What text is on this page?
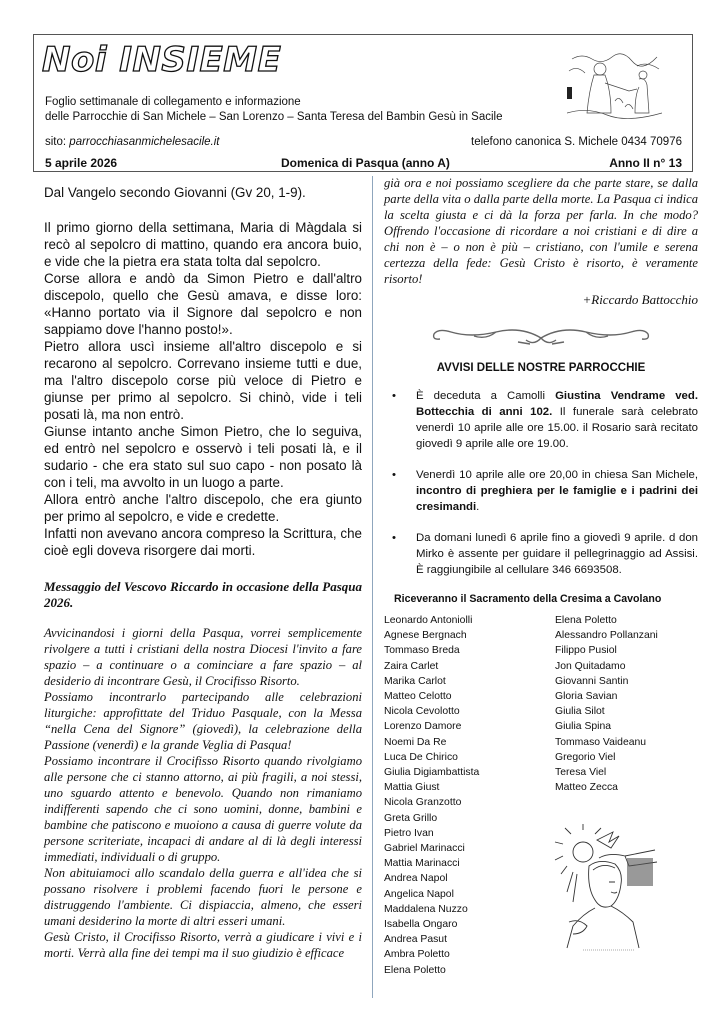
Noi INSIEME
Foglio settimanale di collegamento e informazione
delle Parrocchie di San Michele – San Lorenzo – Santa Teresa del Bambin Gesù in Sacile
sito: parrocchiasanmichelesacile.it	telefono canonica S. Michele 0434 70976
5 aprile 2026	Domenica di Pasqua (anno A)	Anno II n° 13
Dal Vangelo secondo Giovanni (Gv 20, 1-9).

Il primo giorno della settimana, Maria di Màgdala si recò al sepolcro di mattino, quando era ancora buio, e vide che la pietra era stata tolta dal sepolcro.

Corse allora e andò da Simon Pietro e dall'altro discepolo, quello che Gesù amava, e disse loro: «Hanno portato via il Signore dal sepolcro e non sappiamo dove l'hanno posto!».

Pietro allora uscì insieme all'altro discepolo e si recarono al sepolcro. Correvano insieme tutti e due, ma l'altro discepolo corse più veloce di Pietro e giunse per primo al sepolcro. Si chinò, vide i teli posati là, ma non entrò.

Giunse intanto anche Simon Pietro, che lo seguiva, ed entrò nel sepolcro e osservò i teli posati là, e il sudario - che era stato sul suo capo - non posato là con i teli, ma avvolto in un luogo a parte.

Allora entrò anche l'altro discepolo, che era giunto per primo al sepolcro, e vide e credette.

Infatti non avevano ancora compreso la Scrittura, che cioè egli doveva risorgere dai morti.

Messaggio del Vescovo Riccardo in occasione della Pasqua 2026.

Avvicinandosi i giorni della Pasqua, vorrei semplicemente rivolgere a tutti i cristiani della nostra Diocesi l'invito a fare spazio – a continuare o a cominciare a fare spazio – al desiderio di incontrare Gesù, il Crocifisso Risorto.

Possiamo incontrarlo partecipando alle celebrazioni liturgiche: approfittate del Triduo Pasquale, con la Messa “nella Cena del Signore” (giovedì), la celebrazione della Passione (venerdì) e la grande Veglia di Pasqua!

Possiamo incontrare il Crocifisso Risorto quando rivolgiamo alle persone che ci stanno attorno, ai più fragili, a noi stessi, uno sguardo attento e benevolo. Quando non rimaniamo indifferenti sapendo che ci sono uomini, donne, bambini e bambine che patiscono e muoiono a causa di guerre volute da persone scriteriate, incapaci di andare al di là degli interessi immediati, individuali o di gruppo.

Non abituiamoci allo scandalo della guerra e all'idea che si possano risolvere i problemi facendo fuori le persone e distruggendo l'ambiente. Ci dispiaccia, almeno, che esseri umani desiderino la morte di altri esseri umani.

Gesù Cristo, il Crocifisso Risorto, verrà a giudicare i vivi e i morti. Verrà alla fine dei tempi ma il suo giudizio è efficace

già ora e noi possiamo scegliere da che parte stare, se dalla parte della vita o dalla parte della morte. La Pasqua ci indica la scelta giusta e ci dà la forza per farla. In che modo? Offrendo l'occasione di ricordare a noi cristiani e di dire a chi non è – o non è più – cristiano, con l'umile e serena certezza della fede: Gesù Cristo è risorto, è veramente risorto!

+Riccardo Battocchio
AVVISI DELLE NOSTRE PARROCCHIE
• È deceduta a Camolli Giustina Vendrame ved. Bottecchia di anni 102. Il funerale sarà celebrato venerdì 10 aprile alle ore 15.00. il Rosario sarà recitato giovedì 9 aprile alle ore 19.00.
• Venerdì 10 aprile alle ore 20,00 in chiesa San Michele, incontro di preghiera per le famiglie e i padrini dei cresimandi.
• Da domani lunedì 6 aprile fino a giovedì 9 aprile. d don Mirko è assente per guidare il pellegrinaggio ad Assisi. È raggiungibile al cellulare 346 6693508.
Riceveranno il Sacramento della Cresima a Cavolano
Leonardo Antoniolli
Agnese Bergnach
Tommaso Breda
Zaira Carlet
Marika Carlot
Matteo Celotto
Nicola Cevolotto
Lorenzo Damore
Noemi Da Re
Luca De Chirico
Giulia Digiambattista
Mattia Giust
Nicola Granzotto
Greta Grillo
Pietro Ivan
Gabriel Marinacci
Mattia Marinacci
Andrea Napol
Angelica Napol
Maddalena Nuzzo
Isabella Ongaro
Andrea Pasut
Ambra Poletto
Elena Poletto
Elena Poletto
Alessandro Pollanzani
Filippo Pusiol
Jon Quitadamo
Giovanni Santin
Gloria Savian
Giulia Silot
Giulia Spina
Tommaso Vaideanu
Gregorio Viel
Teresa Viel
Matteo Zecca
